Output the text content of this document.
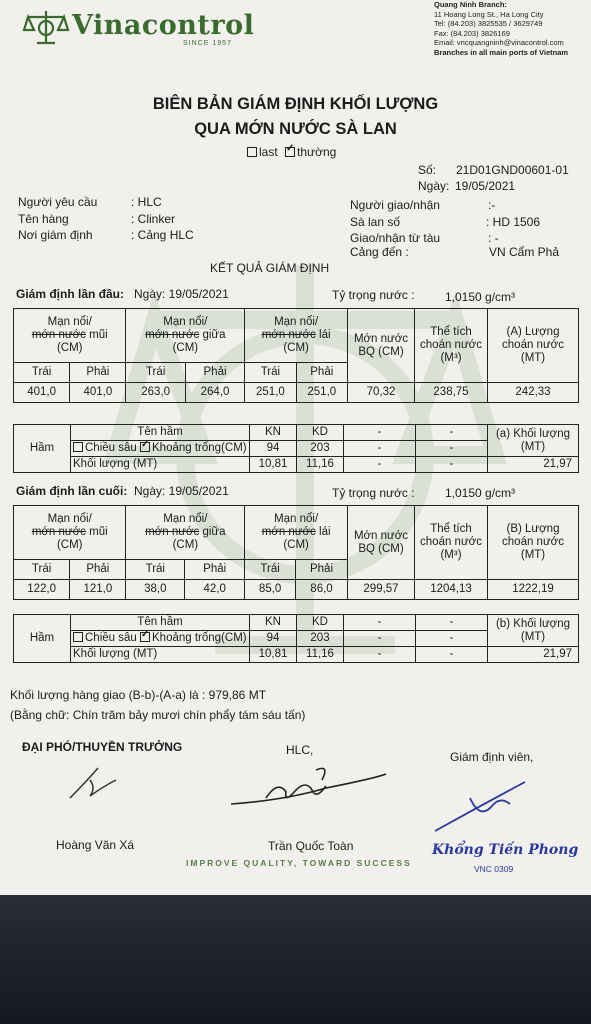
Vinacontrol
SINCE 1957
Quang Ninh Branch:
11 Hoang Long St., Ha Long City
Tel: (84.203) 3825535 / 3629749
Fax: (84.203) 3826169
Email: vncquangninh@vinacontrol.com
Branches in all main ports of Vietnam
BIÊN BẢN GIÁM ĐỊNH KHỐI LƯỢNG
QUA MỚN NƯỚC SÀ LAN
last ✓ thường
Số: 21D01GND00601-01
Ngày: 19/05/2021
Người yêu cầu	: HLC
Tên hàng	: Clinker
Nơi giám định	: Cảng HLC
Người giao/nhận	:-
Sà lan số	: HD 1506
Giao/nhận từ tàu	: -
Cảng đến :	VN Cẩm Phả
KẾT QUẢ GIÁM ĐỊNH
Giám định lần đầu: Ngày: 19/05/2021	Tỷ trọng nước :	1,0150 g/cm³
Mạn nổi/
mớn nước mũi
(CM)		Mạn nổi/
mớn nước giữa
(CM)		Mạn nổi/
mớn nước lái
(CM)		Mớn nước BQ (CM)	Thể tích choán nước (M³)	(A) Lượng choán nước (MT)
Trái	Phải	Trái	Phải	Trái	Phải			
401,0	401,0	263,0	264,0	251,0	251,0	70,32	238,75	242,33
Hầm	Tên hầm	KN	KD	-	-	(a) Khối lượng (MT)
	Chiều sâu ✓ Khoảng trống(CM)	94	203	-	-	
	Khối lượng (MT)	10,81	11,16	-	-	21,97
Giám định lần cuối: Ngày: 19/05/2021	Tỷ trọng nước :	1,0150 g/cm³
Mạn nổi/
mớn nước mũi
(CM)		Mạn nổi/
mớn nước giữa
(CM)		Mạn nổi/
mớn nước lái
(CM)		Mớn nước BQ (CM)	Thể tích choán nước (M³)	(B) Lượng choán nước (MT)
Trái	Phải	Trái	Phải	Trái	Phải			
122,0	121,0	38,0	42,0	85,0	86,0	299,57	1204,13	1222,19
Hầm	Tên hầm	KN	KD	-	-	(b) Khối lượng (MT)
	Chiều sâu ✓ Khoảng trống(CM)	94	203	-	-	
	Khối lượng (MT)	10,81	11,16	-	-	21,97
Khối lượng hàng giao (B-b)-(A-a) là : 979,86 MT
(Bằng chữ: Chín trăm bảy mươi chín phẩy tám sáu tấn)
ĐẠI PHÓ/THUYỀN TRƯỞNG	HLC,	Giám định viên,
Hoàng Văn Xá	Trần Quốc Toàn	Khổng Tiến Phong
VNC 0309
IMPROVE QUALITY, TOWARD SUCCESS
